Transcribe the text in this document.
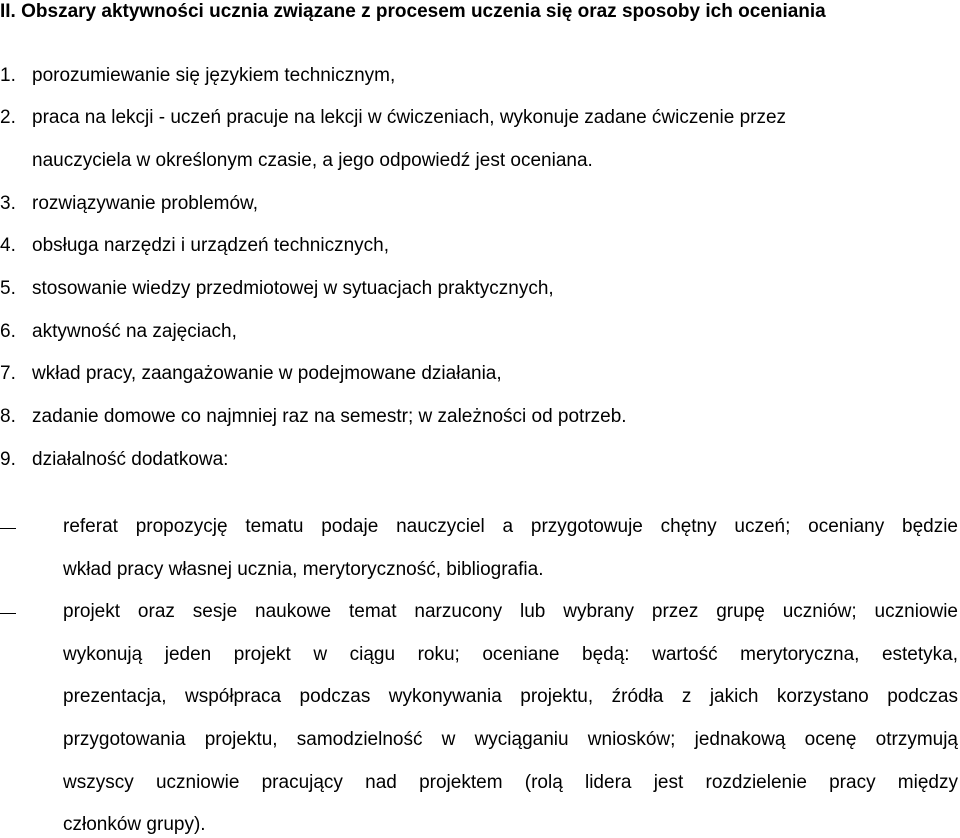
II. Obszary aktywności ucznia związane z procesem uczenia się oraz sposoby ich oceniania
1. porozumiewanie się językiem technicznym,
2. praca na lekcji - uczeń pracuje na lekcji w ćwiczeniach, wykonuje zadane ćwiczenie przez
nauczyciela w określonym czasie, a jego odpowiedź jest oceniana.
3. rozwiązywanie problemów,
4. obsługa narzędzi i urządzeń technicznych,
5. stosowanie wiedzy przedmiotowej w sytuacjach praktycznych,
6. aktywność na zajęciach,
7. wkład pracy, zaangażowanie w podejmowane działania,
8. zadanie domowe co najmniej raz na semestr; w zależności od potrzeb.
9. działalność dodatkowa:
referat propozycję tematu podaje nauczyciel a przygotowuje chętny uczeń; oceniany będzie
wkład pracy własnej ucznia, merytoryczność, bibliografia.
projekt oraz sesje naukowe temat narzucony lub wybrany przez grupę uczniów; uczniowie
wykonują jeden projekt w ciągu roku; oceniane będą: wartość merytoryczna, estetyka,
prezentacja, współpraca podczas wykonywania projektu, źródła z jakich korzystano podczas
przygotowania projektu, samodzielność w wyciąganiu wniosków; jednakową ocenę otrzymują
wszyscy uczniowie pracujący nad projektem (rolą lidera jest rozdzielenie pracy między
członków grupy).
